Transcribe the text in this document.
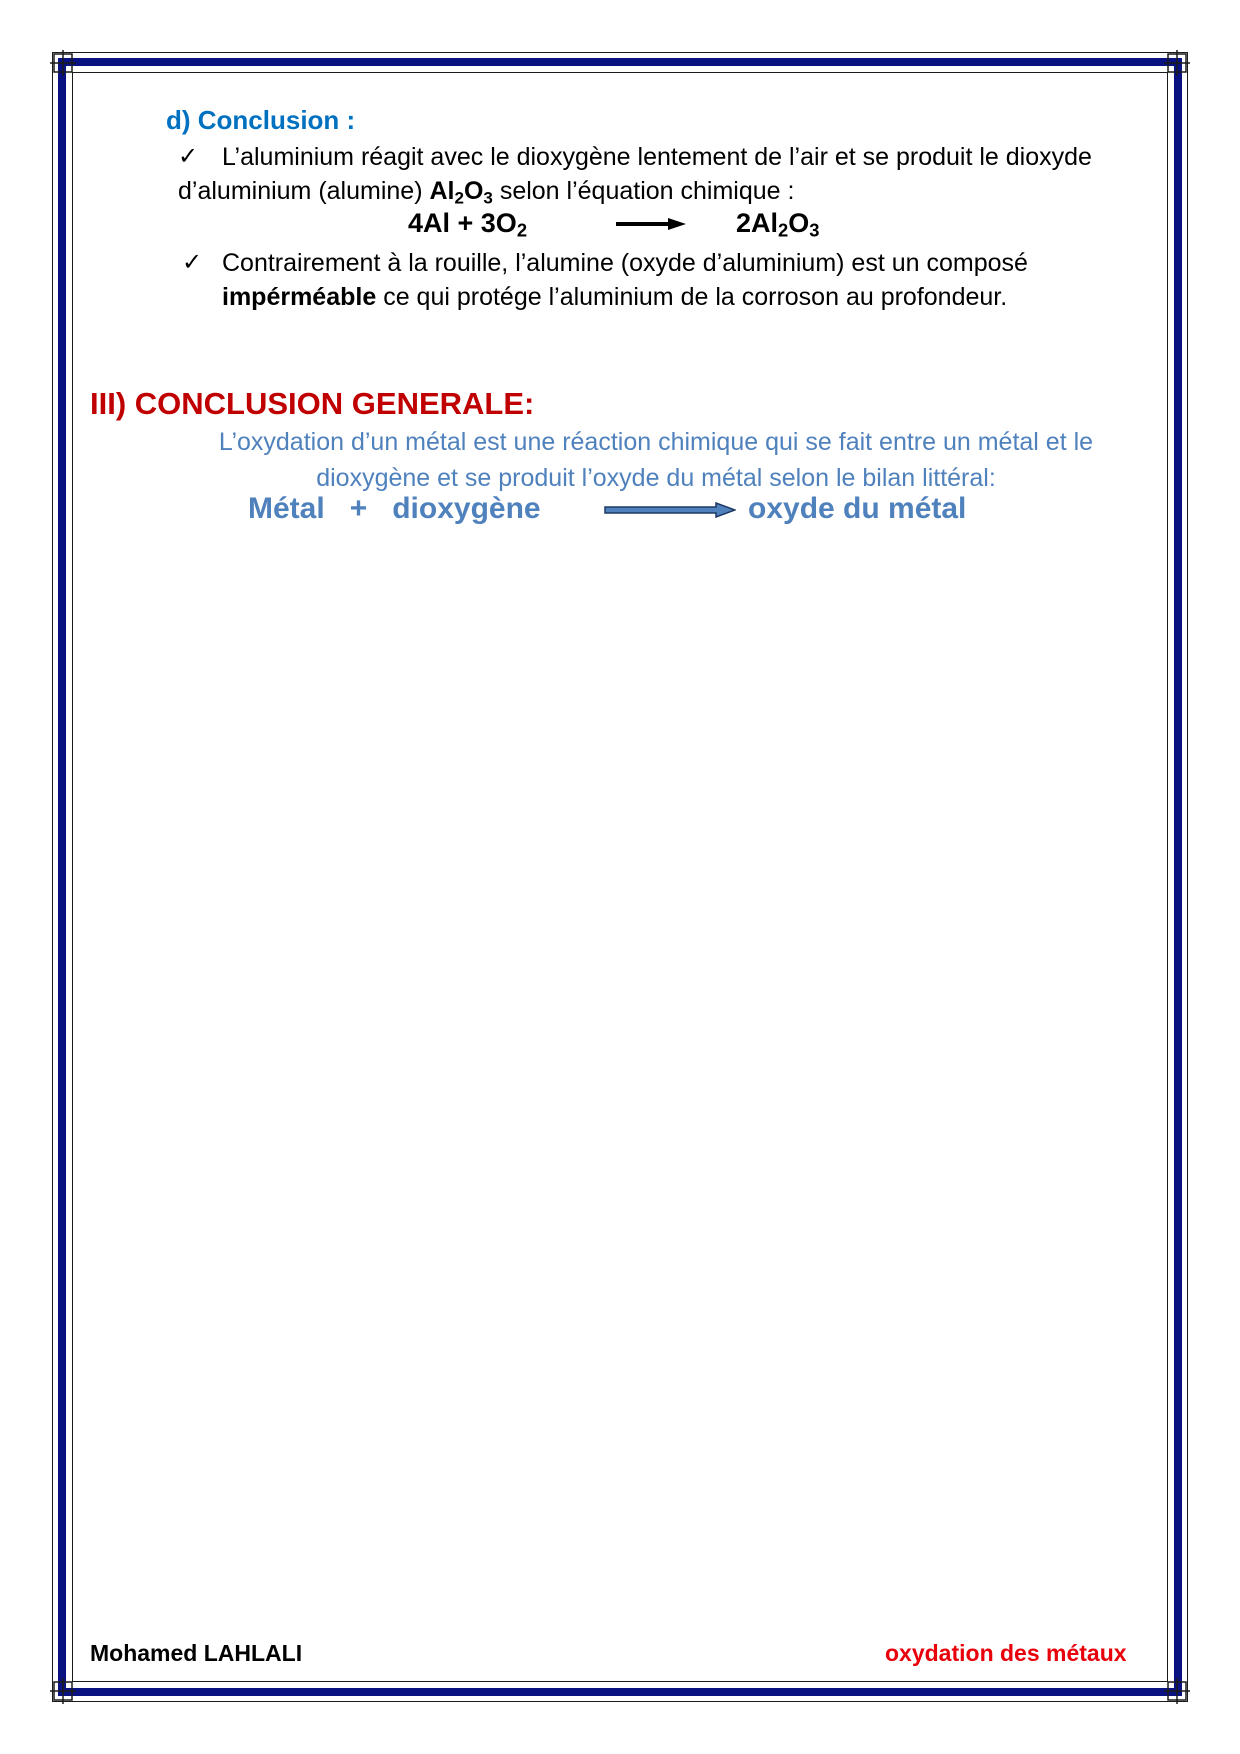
d) Conclusion :
✓ L’aluminium réagit avec le dioxygène lentement de l’air et se produit le dioxyde d’aluminium (alumine) $Al_2O_3$ selon l’équation chimique :

$4Al + 3O_2$	$2Al_2O_3$
✓ Contrairement à la rouille, l’alumine (oxyde d’aluminium) est un composé impérméable ce qui protége l’aluminium de la corroson au profondeur.
III) CONCLUSION GENERALE:

L’oxydation d’un métal est une réaction chimique qui se fait entre un métal et le dioxygène et se produit l’oxyde du métal selon le bilan littéral:

Métal   +   dioxygène	oxyde du métal
Mohamed LAHLALI	oxydation des métaux
